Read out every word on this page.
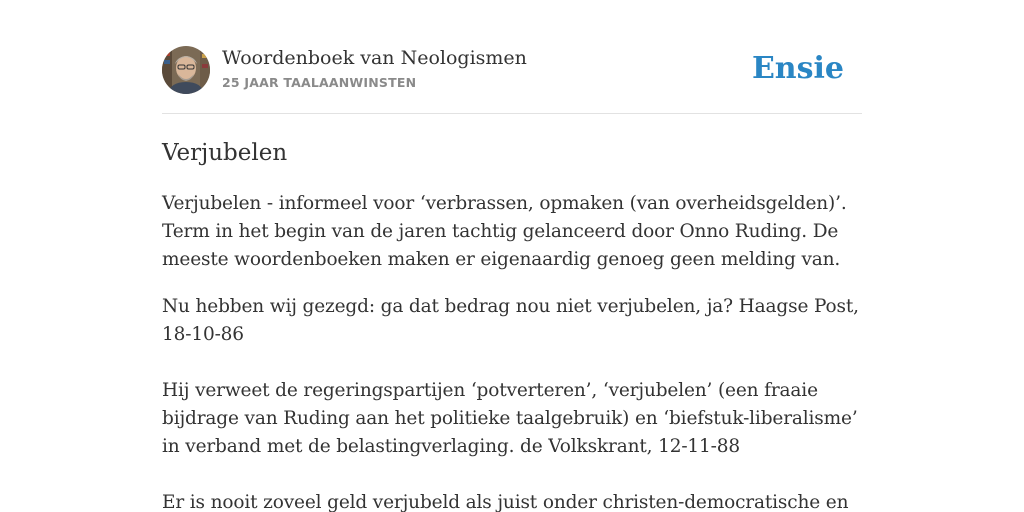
Woordenboek van Neologismen
25 JAAR TAALAANWINSTEN	Ensie
Verjubelen

Verjubelen - informeel voor ‘verbrassen, opmaken (van overheidsgelden)’. Term in het begin van de jaren tachtig gelanceerd door Onno Ruding. De meeste woordenboeken maken er eigenaardig genoeg geen melding van.

Nu hebben wij gezegd: ga dat bedrag nou niet verjubelen, ja? Haagse Post, 18-10-86
Hij verweet de regeringspartijen ‘potverteren’, ‘verjubelen’ (een fraaie bijdrage van Ruding aan het politieke taalgebruik) en ‘biefstuk-liberalisme’ in verband met de belastingverlaging. de Volkskrant, 12-11-88
Er is nooit zoveel geld verjubeld als juist onder christen-democratische en
